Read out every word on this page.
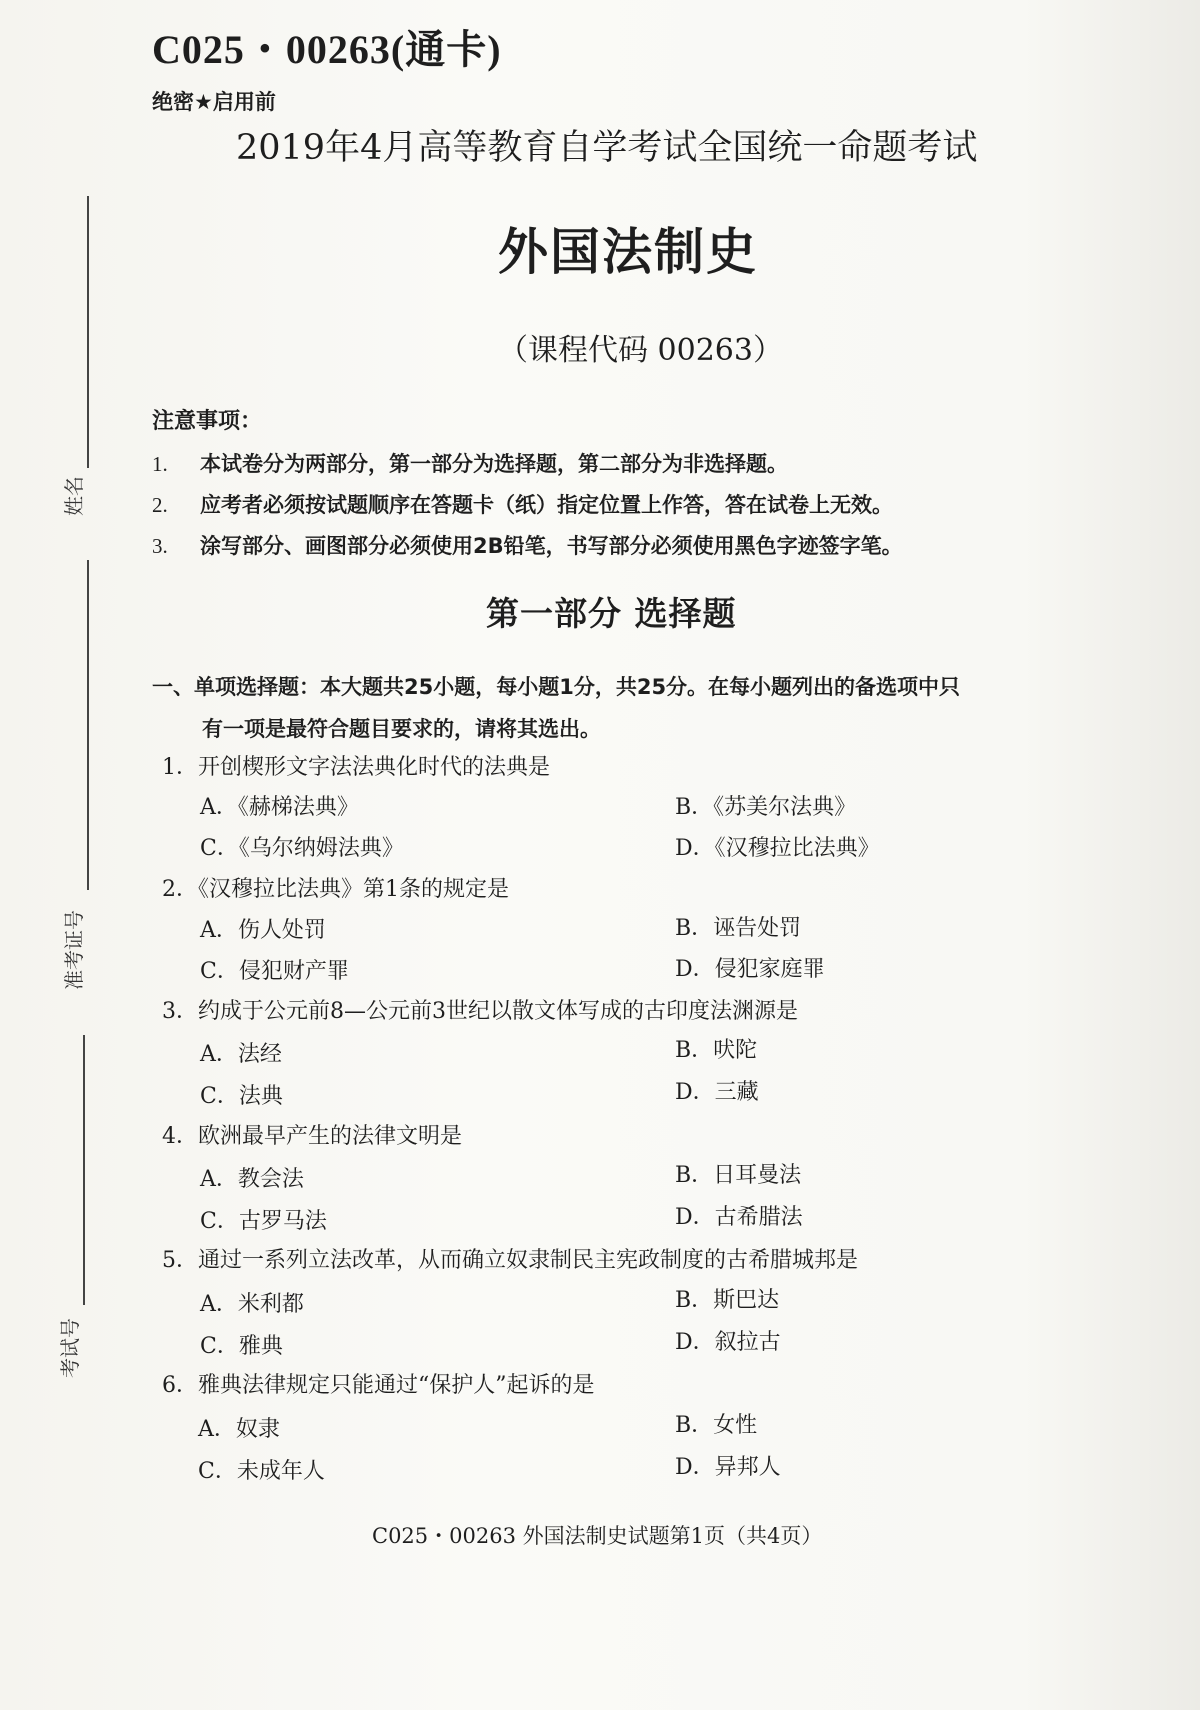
C025・00263(通卡)
绝密★启用前
2019年4月高等教育自学考试全国统一命题考试
外国法制史
（课程代码 00263）
姓名
准考证号
考试号
注意事项：
1. 本试卷分为两部分，第一部分为选择题，第二部分为非选择题。
2. 应考者必须按试题顺序在答题卡（纸）指定位置上作答，答在试卷上无效。
3. 涂写部分、画图部分必须使用2B铅笔，书写部分必须使用黑色字迹签字笔。
第一部分 选择题
一、单项选择题：本大题共25小题，每小题1分，共25分。在每小题列出的备选项中只
有一项是最符合题目要求的，请将其选出。
1．开创楔形文字法法典化时代的法典是
A．《赫梯法典》	B．《苏美尔法典》
C．《乌尔纳姆法典》	D．《汉穆拉比法典》
2．《汉穆拉比法典》第1条的规定是
A．伤人处罚	B．诬告处罚
C．侵犯财产罪	D．侵犯家庭罪
3．约成于公元前8—公元前3世纪以散文体写成的古印度法渊源是
A．法经	B．吠陀
C．法典	D．三藏
4．欧洲最早产生的法律文明是
A．教会法	B．日耳曼法
C．古罗马法	D．古希腊法
5．通过一系列立法改革，从而确立奴隶制民主宪政制度的古希腊城邦是
A．米利都	B．斯巴达
C．雅典	D．叙拉古
6．雅典法律规定只能通过“保护人”起诉的是
A．奴隶	B．女性
C．未成年人	D．异邦人
C025・00263 外国法制史试题第1页（共4页）
